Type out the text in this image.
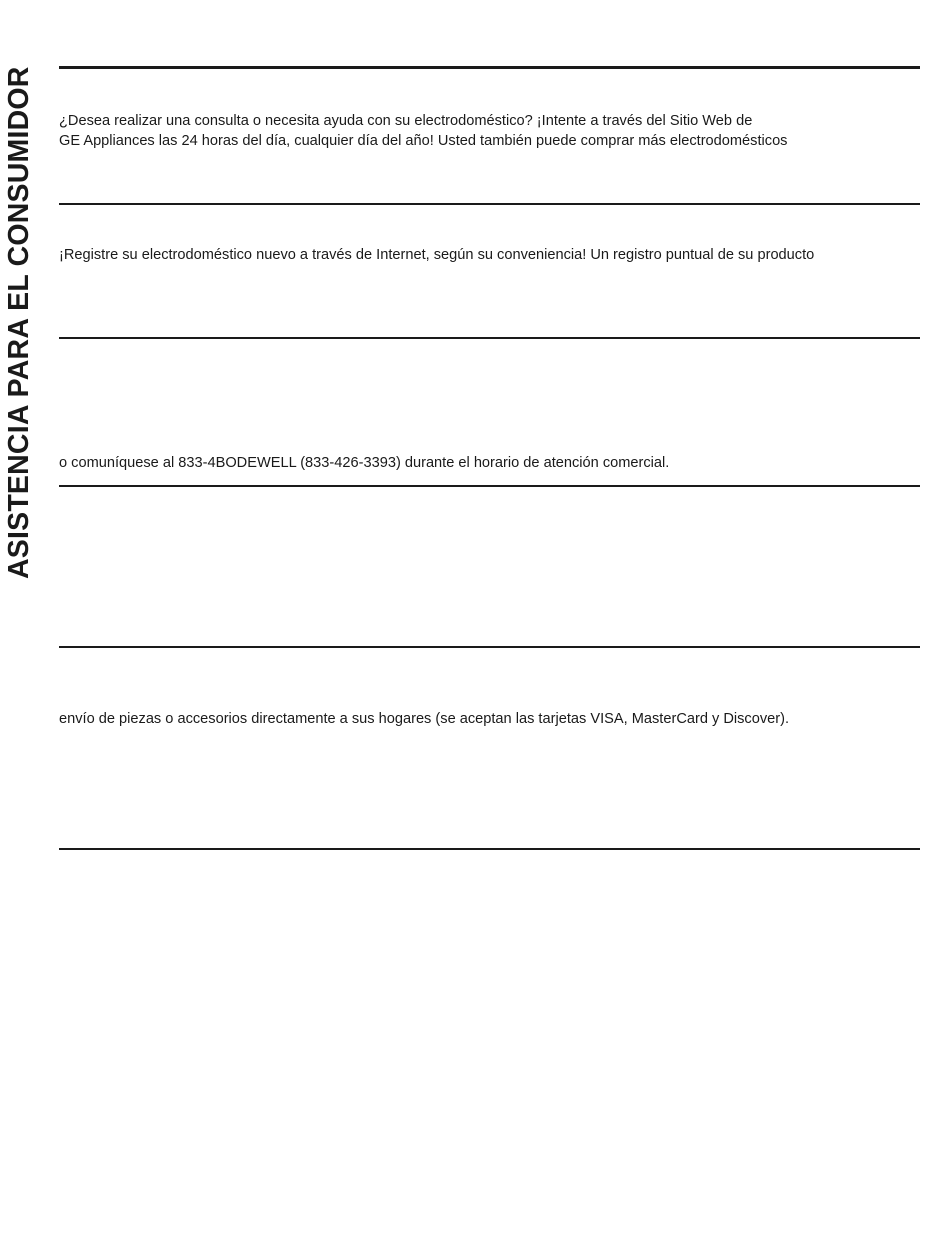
ASISTENCIA PARA EL CONSUMIDOR ¿Desea realizar una consulta o necesita ayuda con su electrodoméstico? ¡Intente a través del Sitio Web de
GE Appliances las 24 horas del día, cualquier día del año! Usted también puede comprar más electrodomésticos
¡Registre su electrodoméstico nuevo a través de Internet, según su conveniencia! Un registro puntual de su producto
o comuníquese al 833-4BODEWELL (833-426-3393) durante el horario de atención comercial.
envío de piezas o accesorios directamente a sus hogares (se aceptan las tarjetas VISA, MasterCard y Discover).
